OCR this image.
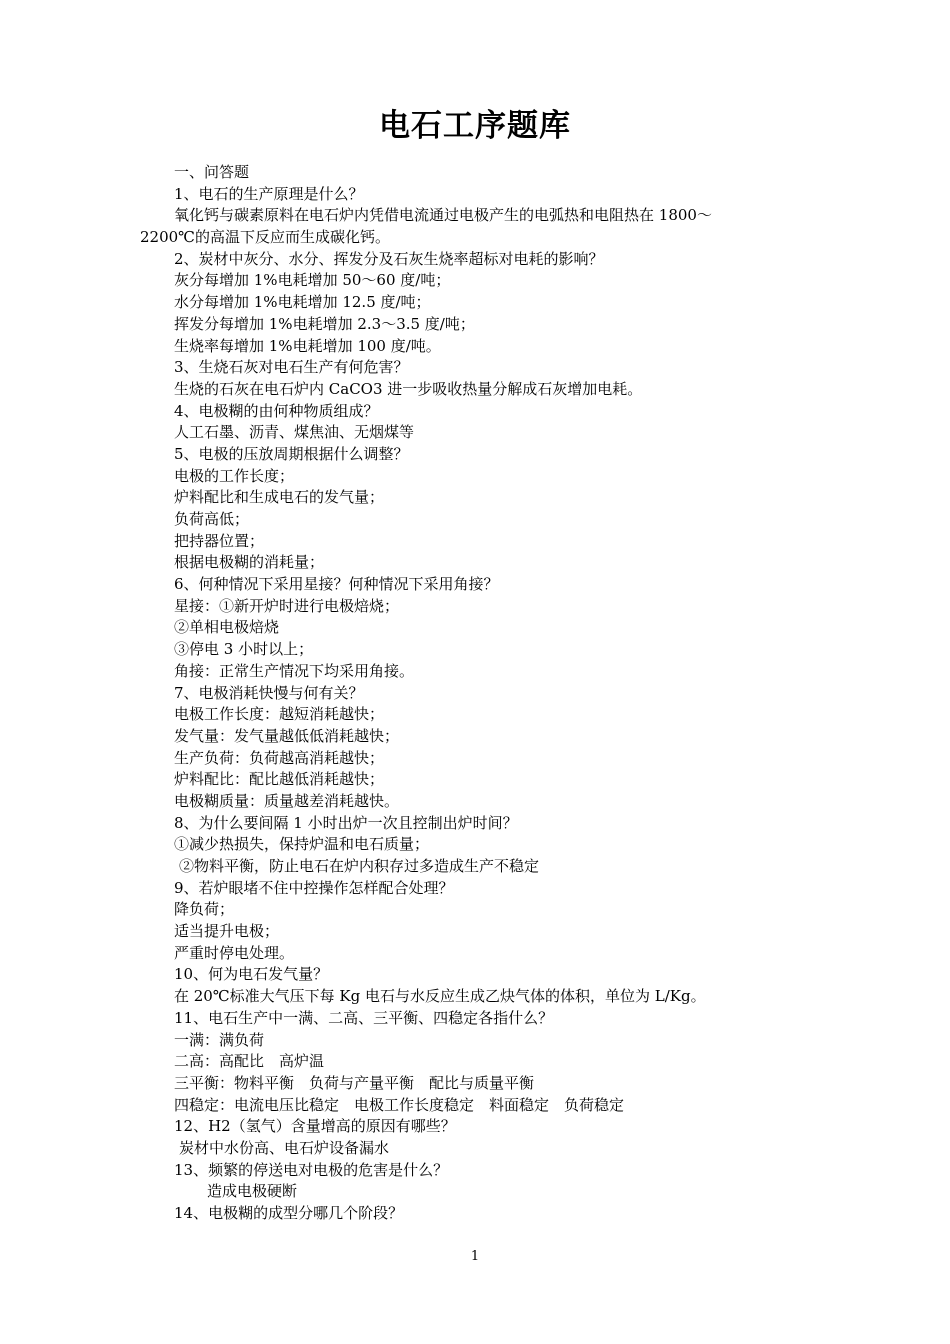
电石工序题库
一、问答题
1、电石的生产原理是什么？
氧化钙与碳素原料在电石炉内凭借电流通过电极产生的电弧热和电阻热在 1800～
2200℃的高温下反应而生成碳化钙。
2、炭材中灰分、水分、挥发分及石灰生烧率超标对电耗的影响？
灰分每增加 1%电耗增加 50～60 度/吨；
水分每增加 1%电耗增加 12.5 度/吨；
挥发分每增加 1%电耗增加 2.3～3.5 度/吨；
生烧率每增加 1%电耗增加 100 度/吨。
3、生烧石灰对电石生产有何危害？
生烧的石灰在电石炉内 CaCO3 进一步吸收热量分解成石灰增加电耗。
4、电极糊的由何种物质组成？
人工石墨、沥青、煤焦油、无烟煤等
5、电极的压放周期根据什么调整？
电极的工作长度；
炉料配比和生成电石的发气量；
负荷高低；
把持器位置；
根据电极糊的消耗量；
6、何种情况下采用星接？何种情况下采用角接？
星接：①新开炉时进行电极焙烧；
②单相电极焙烧
③停电 3 小时以上；
角接：正常生产情况下均采用角接。
7、电极消耗快慢与何有关？
电极工作长度：越短消耗越快；
发气量：发气量越低低消耗越快；
生产负荷：负荷越高消耗越快；
炉料配比：配比越低消耗越快；
电极糊质量：质量越差消耗越快。
8、为什么要间隔 1 小时出炉一次且控制出炉时间？
①减少热损失，保持炉温和电石质量；
②物料平衡，防止电石在炉内积存过多造成生产不稳定
9、若炉眼堵不住中控操作怎样配合处理？
降负荷；
适当提升电极；
严重时停电处理。
10、何为电石发气量？
在 20℃标准大气压下每 Kg 电石与水反应生成乙炔气体的体积，单位为 L/Kg。
11、电石生产中一满、二高、三平衡、四稳定各指什么？
一满：满负荷
二高：高配比　高炉温
三平衡：物料平衡　负荷与产量平衡　配比与质量平衡
四稳定：电流电压比稳定　电极工作长度稳定　料面稳定　负荷稳定
12、H2（氢气）含量增高的原因有哪些？
炭材中水份高、电石炉设备漏水
13、频繁的停送电对电极的危害是什么？
造成电极硬断
14、电极糊的成型分哪几个阶段？
1
